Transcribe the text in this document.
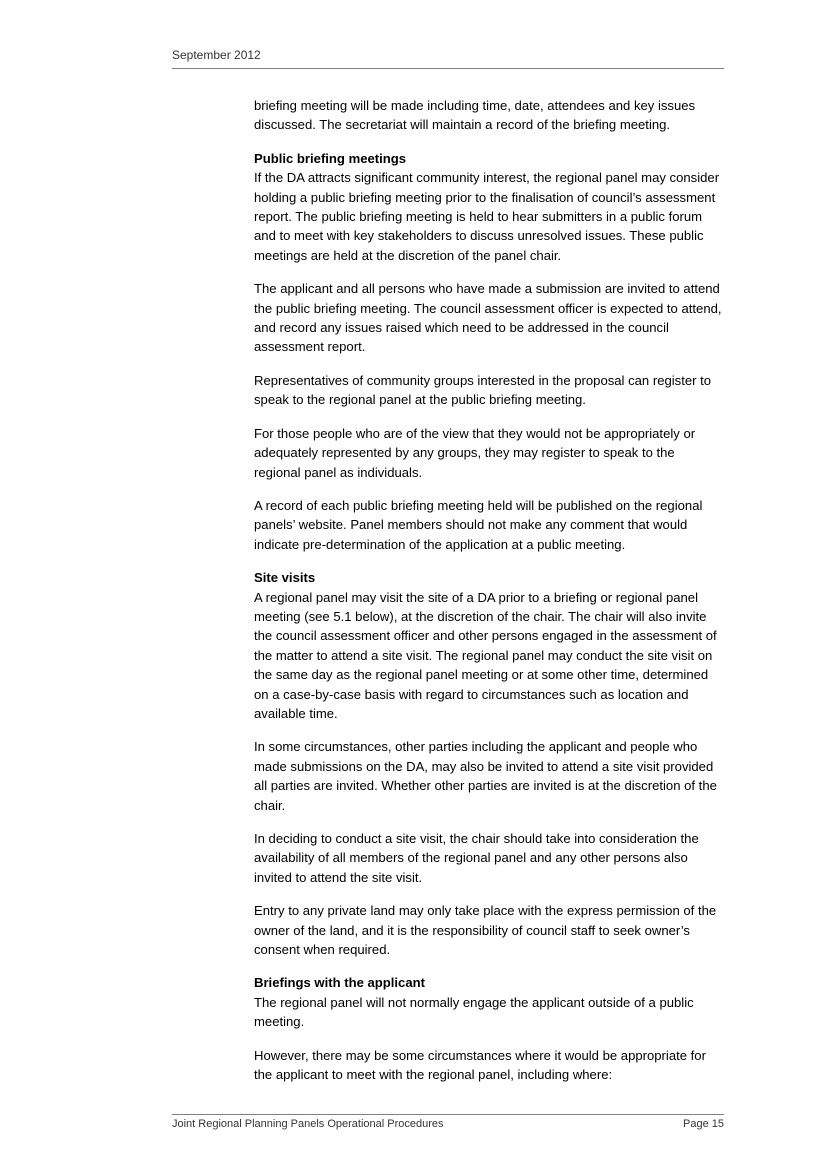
September 2012

briefing meeting will be made including time, date, attendees and key issues discussed. The secretariat will maintain a record of the briefing meeting.

Public briefing meetings

If the DA attracts significant community interest, the regional panel may consider holding a public briefing meeting prior to the finalisation of council’s assessment report. The public briefing meeting is held to hear submitters in a public forum and to meet with key stakeholders to discuss unresolved issues. These public meetings are held at the discretion of the panel chair.

The applicant and all persons who have made a submission are invited to attend the public briefing meeting. The council assessment officer is expected to attend, and record any issues raised which need to be addressed in the council assessment report.

Representatives of community groups interested in the proposal can register to speak to the regional panel at the public briefing meeting.

For those people who are of the view that they would not be appropriately or adequately represented by any groups, they may register to speak to the regional panel as individuals.

A record of each public briefing meeting held will be published on the regional panels’ website. Panel members should not make any comment that would indicate pre-determination of the application at a public meeting.

Site visits

A regional panel may visit the site of a DA prior to a briefing or regional panel meeting (see 5.1 below), at the discretion of the chair. The chair will also invite the council assessment officer and other persons engaged in the assessment of the matter to attend a site visit. The regional panel may conduct the site visit on the same day as the regional panel meeting or at some other time, determined on a case-by-case basis with regard to circumstances such as location and available time.

In some circumstances, other parties including the applicant and people who made submissions on the DA, may also be invited to attend a site visit provided all parties are invited. Whether other parties are invited is at the discretion of the chair.

In deciding to conduct a site visit, the chair should take into consideration the availability of all members of the regional panel and any other persons also invited to attend the site visit.

Entry to any private land may only take place with the express permission of the owner of the land, and it is the responsibility of council staff to seek owner’s consent when required.

Briefings with the applicant

The regional panel will not normally engage the applicant outside of a public meeting.

However, there may be some circumstances where it would be appropriate for the applicant to meet with the regional panel, including where:

Joint Regional Planning Panels Operational Procedures	Page 15
